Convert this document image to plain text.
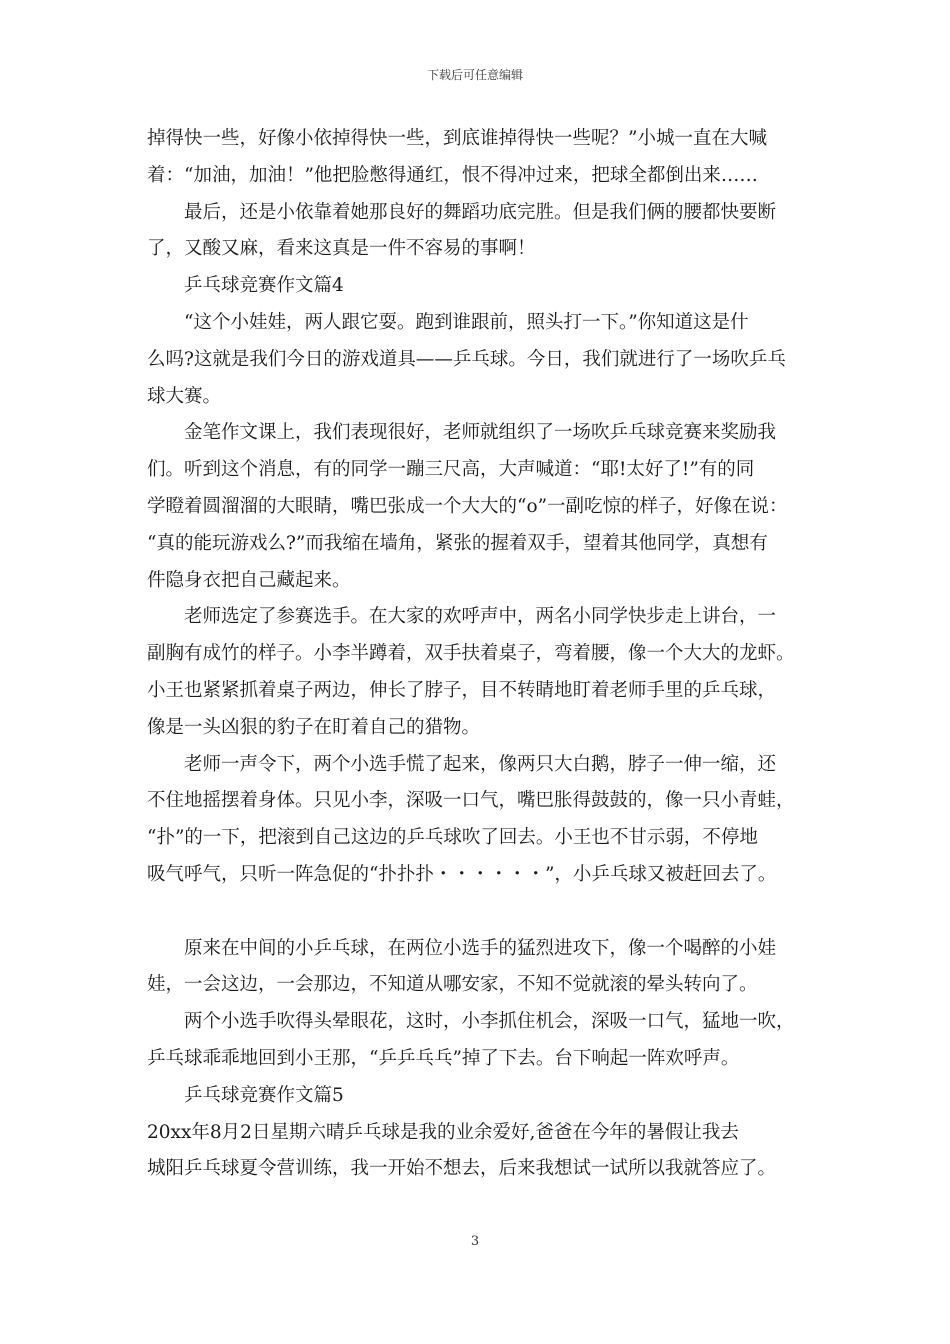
下载后可任意编辑
掉得快一些，好像小依掉得快一些，到底谁掉得快一些呢？”小城一直在大喊
着：“加油，加油！”他把脸憋得通红，恨不得冲过来，把球全都倒出来……
最后，还是小依靠着她那良好的舞蹈功底完胜。但是我们俩的腰都快要断
了，又酸又麻，看来这真是一件不容易的事啊！
乒乓球竞赛作文篇4
“这个小娃娃，两人跟它耍。跑到谁跟前，照头打一下。”你知道这是什
么吗?这就是我们今日的游戏道具——乒乓球。今日，我们就进行了一场吹乒乓
球大赛。
金笔作文课上，我们表现很好，老师就组织了一场吹乒乓球竞赛来奖励我
们。听到这个消息，有的同学一蹦三尺高，大声喊道：“耶!太好了!”有的同
学瞪着圆溜溜的大眼睛，嘴巴张成一个大大的“o”一副吃惊的样子，好像在说：
“真的能玩游戏么?”而我缩在墙角，紧张的握着双手，望着其他同学，真想有
件隐身衣把自己藏起来。
老师选定了参赛选手。在大家的欢呼声中，两名小同学快步走上讲台，一
副胸有成竹的样子。小李半蹲着，双手扶着桌子，弯着腰，像一个大大的龙虾。
小王也紧紧抓着桌子两边，伸长了脖子，目不转睛地盯着老师手里的乒乓球，
像是一头凶狠的豹子在盯着自己的猎物。
老师一声令下，两个小选手慌了起来，像两只大白鹅，脖子一伸一缩，还
不住地摇摆着身体。只见小李，深吸一口气，嘴巴胀得鼓鼓的，像一只小青蛙，
“扑”的一下，把滚到自己这边的乒乓球吹了回去。小王也不甘示弱，不停地
吸气呼气，只听一阵急促的“扑扑扑・・・・・・”，小乒乓球又被赶回去了。
原来在中间的小乒乓球，在两位小选手的猛烈进攻下，像一个喝醉的小娃
娃，一会这边，一会那边，不知道从哪安家，不知不觉就滚的晕头转向了。
两个小选手吹得头晕眼花，这时，小李抓住机会，深吸一口气，猛地一吹，
乒乓球乖乖地回到小王那，“乒乒乓乓”掉了下去。台下响起一阵欢呼声。
乒乓球竞赛作文篇5
20xx年8月2日星期六晴乒乓球是我的业余爱好,爸爸在今年的暑假让我去
城阳乒乓球夏令营训练，我一开始不想去，后来我想试一试所以我就答应了。
3
